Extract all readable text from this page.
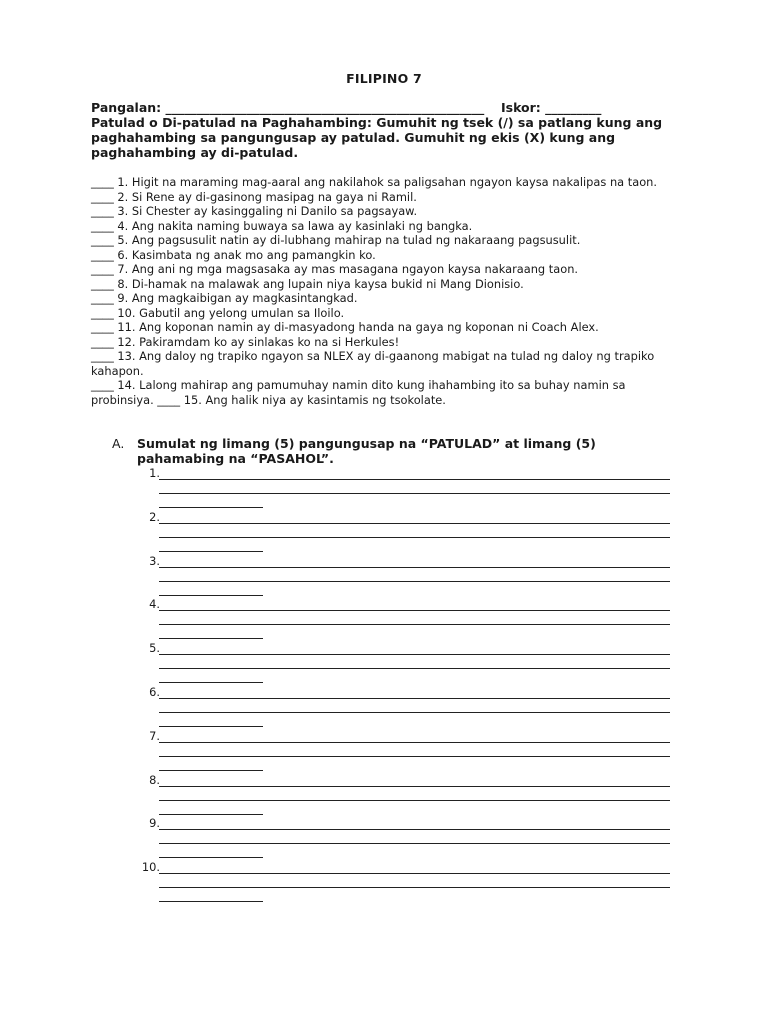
FILIPINO 7
Pangalan: ___________________________________________________ Iskor: _________
Patulad o Di-patulad na Paghahambing: Gumuhit ng tsek (/) sa patlang kung ang paghahambing sa pangungusap ay patulad. Gumuhit ng ekis (X) kung ang paghahambing ay di-patulad.
____ 1. Higit na maraming mag-aaral ang nakilahok sa paligsahan ngayon kaysa nakalipas na taon.
____ 2. Si Rene ay di-gasinong masipag na gaya ni Ramil.
____ 3. Si Chester ay kasinggaling ni Danilo sa pagsayaw.
____ 4. Ang nakita naming buwaya sa lawa ay kasinlaki ng bangka.
____ 5. Ang pagsusulit natin ay di-lubhang mahirap na tulad ng nakaraang pagsusulit.
____ 6. Kasimbata ng anak mo ang pamangkin ko.
____ 7. Ang ani ng mga magsasaka ay mas masagana ngayon kaysa nakaraang taon.
____ 8. Di-hamak na malawak ang lupain niya kaysa bukid ni Mang Dionisio.
____ 9. Ang magkaibigan ay magkasintangkad.
____ 10. Gabutil ang yelong umulan sa Iloilo.
____ 11. Ang koponan namin ay di-masyadong handa na gaya ng koponan ni Coach Alex.
____ 12. Pakiramdam ko ay sinlakas ko na si Herkules!
____ 13. Ang daloy ng trapiko ngayon sa NLEX ay di-gaanong mabigat na tulad ng daloy ng trapiko kahapon.
____ 14. Lalong mahirap ang pamumuhay namin dito kung ihahambing ito sa buhay namin sa probinsiya. ____ 15. Ang halik niya ay kasintamis ng tsokolate.
A. Sumulat ng limang (5) pangungusap na “PATULAD” at limang (5) pahamabing na “PASAHOL”.
1.
2.
3.
4.
5.
6.
7.
8.
9.
10.
